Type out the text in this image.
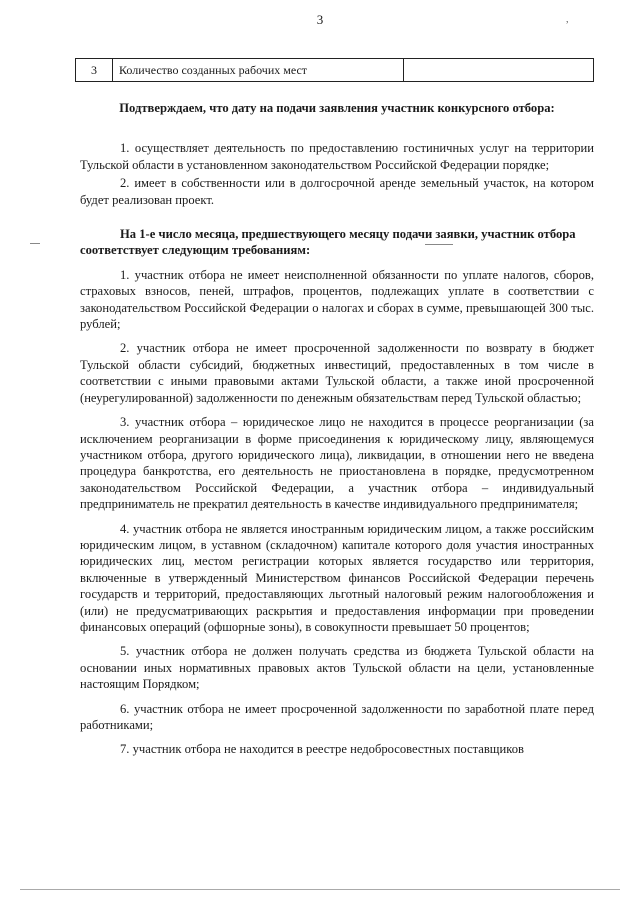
3	,
3	Количество созданных рабочих мест	

Подтверждаем, что дату на подачи заявления участник конкурсного отбора:

1. осуществляет деятельность по предоставлению гостиничных услуг на территории Тульской области в установленном законодательством Российской Федерации порядке;

2. имеет в собственности или в долгосрочной аренде земельный участок, на котором будет реализован проект.

На 1-е число месяца, предшествующего месяцу подачи заявки, участник отбора соответствует следующим требованиям:

1. участник отбора не имеет неисполненной обязанности по уплате налогов, сборов, страховых взносов, пеней, штрафов, процентов, подлежащих уплате в соответствии с законодательством Российской Федерации о налогах и сборах в сумме, превышающей 300 тыс. рублей;

2. участник отбора не имеет просроченной задолженности по возврату в бюджет Тульской области субсидий, бюджетных инвестиций, предоставленных в том числе в соответствии с иными правовыми актами Тульской области, а также иной просроченной (неурегулированной) задолженности по денежным обязательствам перед Тульской областью;

3. участник отбора – юридическое лицо не находится в процессе реорганизации (за исключением реорганизации в форме присоединения к юридическому лицу, являющемуся участником отбора, другого юридического лица), ликвидации, в отношении него не введена процедура банкротства, его деятельность не приостановлена в порядке, предусмотренном законодательством Российской Федерации, а участник отбора – индивидуальный предприниматель не прекратил деятельность в качестве индивидуального предпринимателя;

4. участник отбора не является иностранным юридическим лицом, а также российским юридическим лицом, в уставном (складочном) капитале которого доля участия иностранных юридических лиц, местом регистрации которых является государство или территория, включенные в утвержденный Министерством финансов Российской Федерации перечень государств и территорий, предоставляющих льготный налоговый режим налогообложения и (или) не предусматривающих раскрытия и предоставления информации при проведении финансовых операций (офшорные зоны), в совокупности превышает 50 процентов;

5. участник отбора не должен получать средства из бюджета Тульской области на основании иных нормативных правовых актов Тульской области на цели, установленные настоящим Порядком;

6. участник отбора не имеет просроченной задолженности по заработной плате перед работниками;

7. участник отбора не находится в реестре недобросовестных поставщиков
